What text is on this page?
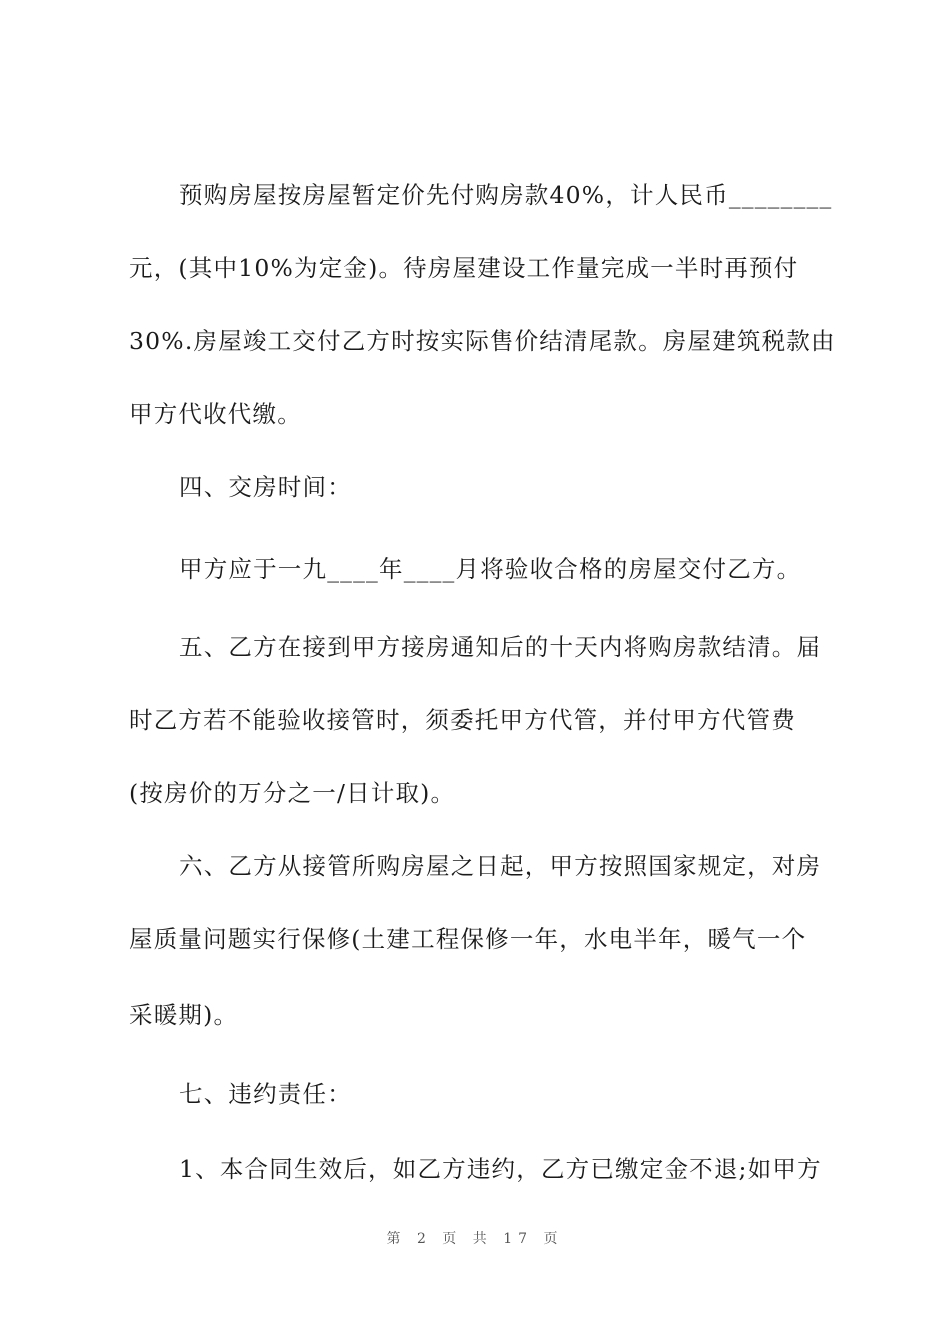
预购房屋按房屋暂定价先付购房款40%，计人民币________
元，(其中10%为定金)。待房屋建设工作量完成一半时再预付
30%.房屋竣工交付乙方时按实际售价结清尾款。房屋建筑税款由
甲方代收代缴。
四、交房时间：
甲方应于一九____年____月将验收合格的房屋交付乙方。
五、乙方在接到甲方接房通知后的十天内将购房款结清。届
时乙方若不能验收接管时，须委托甲方代管，并付甲方代管费
(按房价的万分之一/日计取)。
六、乙方从接管所购房屋之日起，甲方按照国家规定，对房
屋质量问题实行保修(土建工程保修一年，水电半年，暖气一个
采暖期)。
七、违约责任：
1、本合同生效后，如乙方违约，乙方已缴定金不退;如甲方
第 2 页 共 17 页
